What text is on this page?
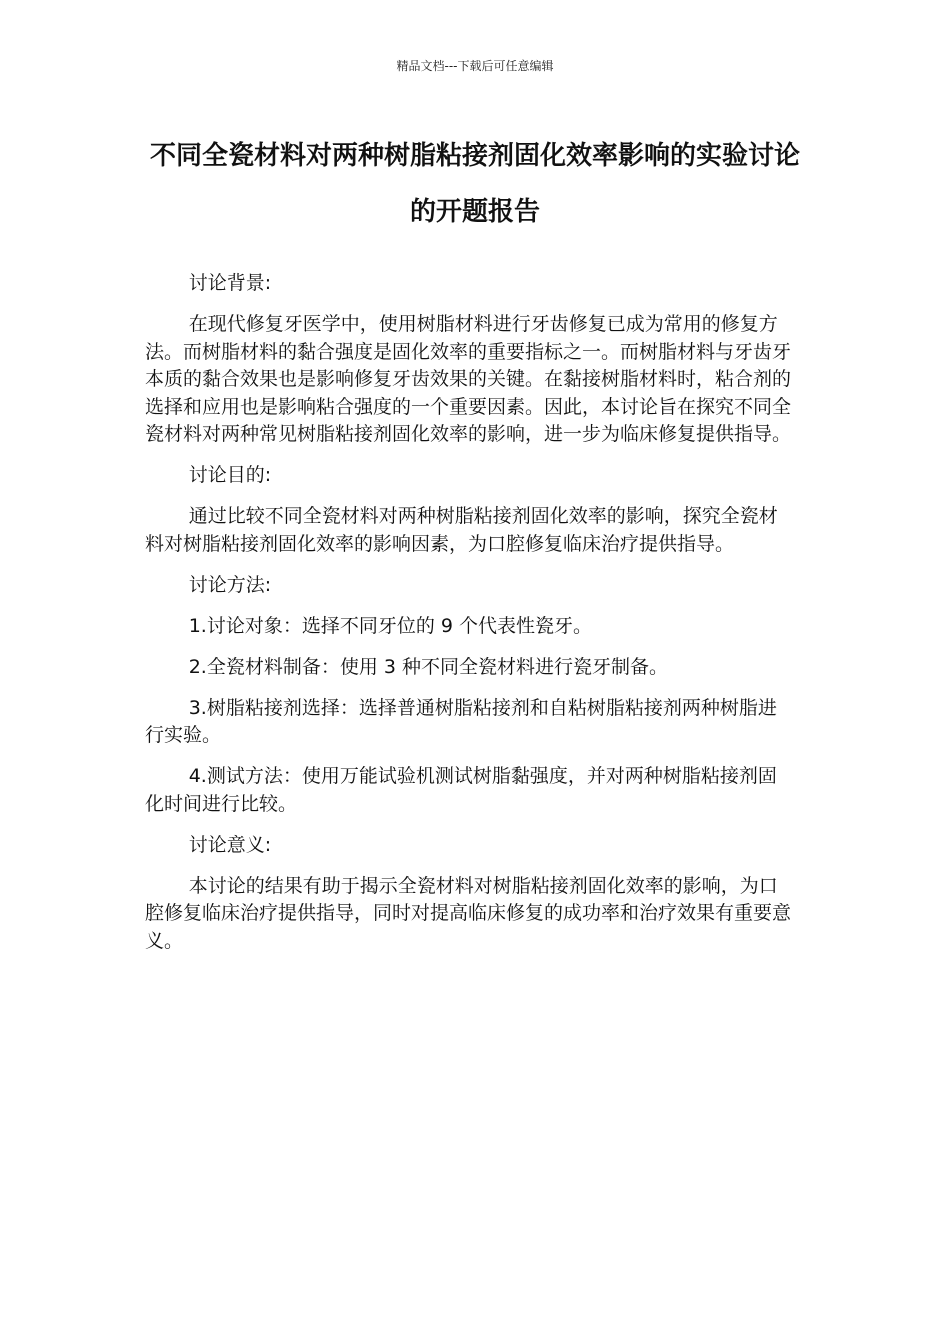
精品文档---下载后可任意编辑
不同全瓷材料对两种树脂粘接剂固化效率影响的实验讨论的开题报告

讨论背景:

在现代修复牙医学中，使用树脂材料进行牙齿修复已成为常用的修复方法。而树脂材料的黏合强度是固化效率的重要指标之一。而树脂材料与牙齿牙本质的黏合效果也是影响修复牙齿效果的关键。在黏接树脂材料时，粘合剂的选择和应用也是影响粘合强度的一个重要因素。因此，本讨论旨在探究不同全瓷材料对两种常见树脂粘接剂固化效率的影响，进一步为临床修复提供指导。

讨论目的:

通过比较不同全瓷材料对两种树脂粘接剂固化效率的影响，探究全瓷材料对树脂粘接剂固化效率的影响因素，为口腔修复临床治疗提供指导。

讨论方法:

1.讨论对象：选择不同牙位的 9 个代表性瓷牙。

2.全瓷材料制备：使用 3 种不同全瓷材料进行瓷牙制备。

3.树脂粘接剂选择：选择普通树脂粘接剂和自粘树脂粘接剂两种树脂进行实验。

4.测试方法：使用万能试验机测试树脂黏强度，并对两种树脂粘接剂固化时间进行比较。

讨论意义:

本讨论的结果有助于揭示全瓷材料对树脂粘接剂固化效率的影响，为口腔修复临床治疗提供指导，同时对提高临床修复的成功率和治疗效果有重要意义。
